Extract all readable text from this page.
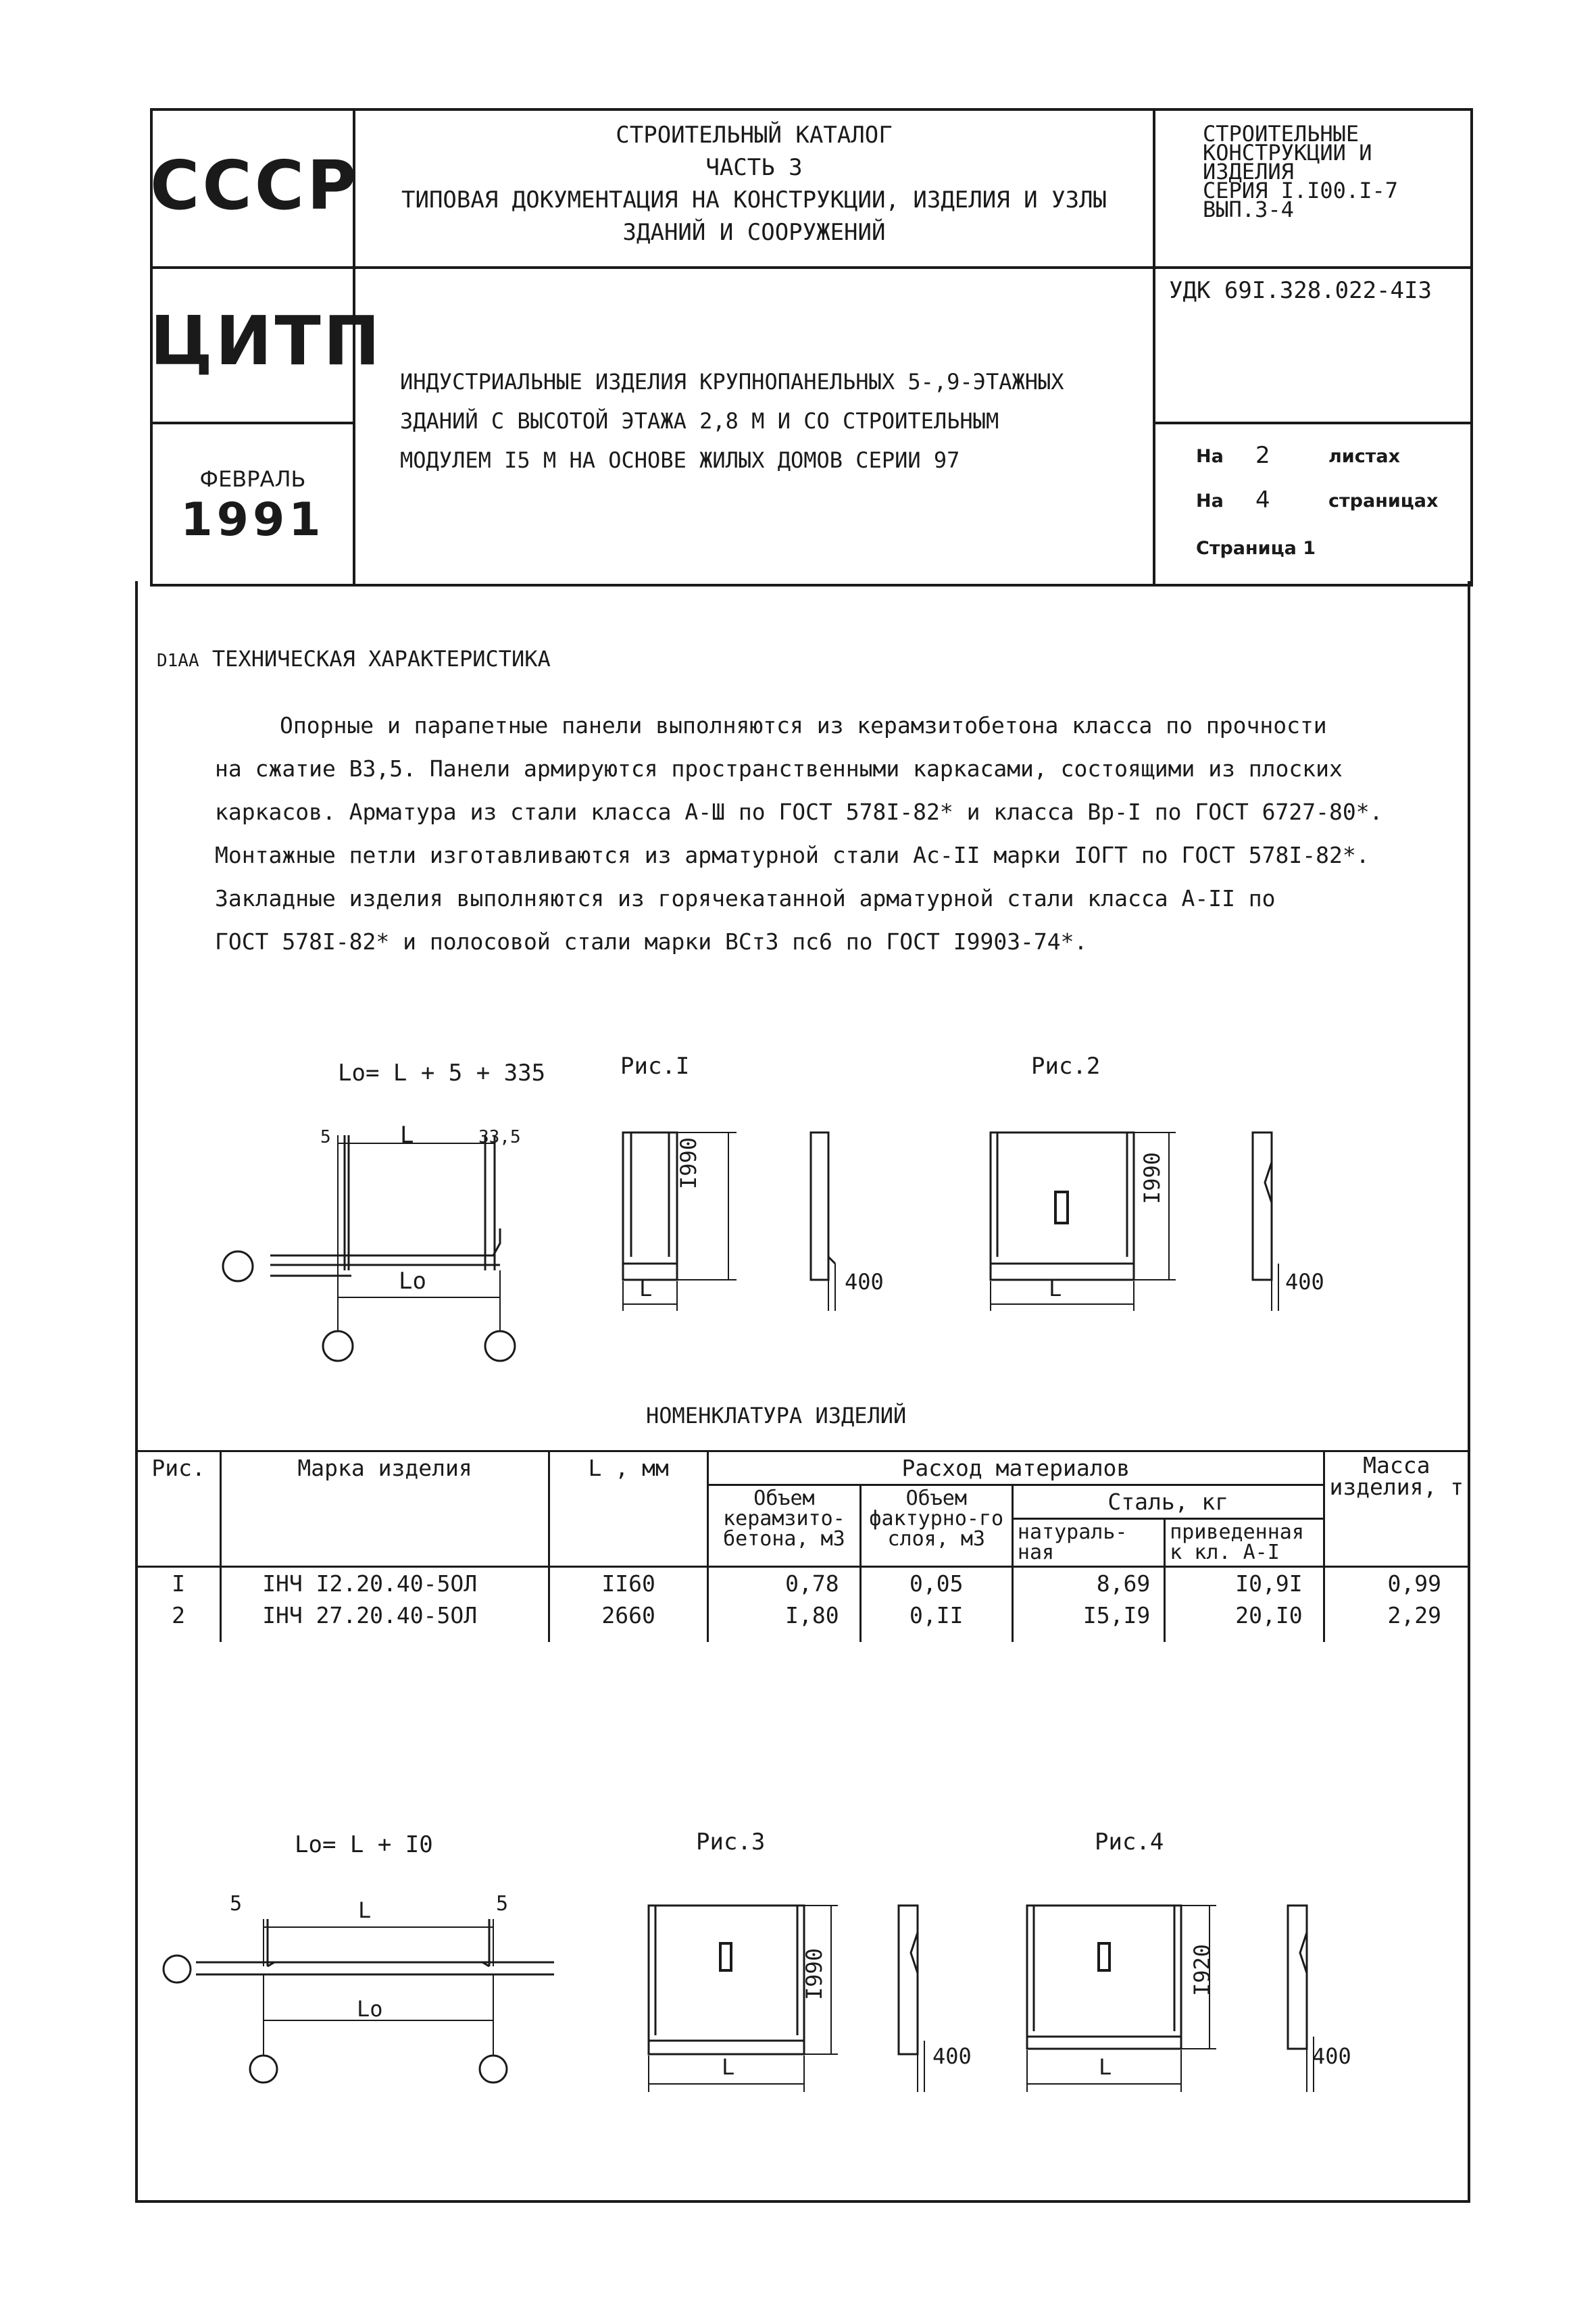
СССР
ЦИТП
ФЕВРАЛЬ
1991
СТРОИТЕЛЬНЫЙ КАТАЛОГ
ЧАСТЬ 3
ТИПОВАЯ ДОКУМЕНТАЦИЯ НА КОНСТРУКЦИИ, ИЗДЕЛИЯ И УЗЛЫ
ЗДАНИЙ И СООРУЖЕНИЙ
СТРОИТЕЛЬНЫЕ
КОНСТРУКЦИИ И
ИЗДЕЛИЯ
СЕРИЯ I.I00.I-7
ВЫП.3-4
УДК 69I.328.022-4I3
ИНДУСТРИАЛЬНЫЕ ИЗДЕЛИЯ КРУПНОПАНЕЛЬНЫХ 5-,9-ЭТАЖНЫХ
ЗДАНИЙ С ВЫСОТОЙ ЭТАЖА 2,8 М И СО СТРОИТЕЛЬНЫМ
МОДУЛЕМ I5 М НА ОСНОВЕ ЖИЛЫХ ДОМОВ СЕРИИ 97	На 2	листах
На 4	страницах
Страница 1
D1AA ТЕХНИЧЕСКАЯ ХАРАКТЕРИСТИКА
Опорные и парапетные панели выполняются из керамзитобетона класса по прочности
на сжатие В3,5. Панели армируются пространственными каркасами, состоящими из плоских
каркасов. Арматура из стали класса А-Ш по ГОСТ 578I-82* и класса Вр-I по ГОСТ 6727-80*.
Монтажные петли изготавливаются из арматурной стали Ас-II марки IОГТ по ГОСТ 578I-82*.
Закладные изделия выполняются из горячекатанной арматурной стали класса А-II по
ГОСТ 578I-82* и полосовой стали марки ВСт3 пс6 по ГОСТ I9903-74*.
Lo= L + 5 + 335	Рис.I	Рис.2
5	L	33,5
Lo
I990
L	400
I990
L	400
НОМЕНКЛАТУРА ИЗДЕЛИЙ
Рис.	Марка изделия	L , мм	Расход материалов				Масса изделия, т
			Объем керамзито-бетона, м3	Объем фактурно-го слоя, м3	Сталь, кг		
					натураль-ная	приведенная к кл. А-I	
I	IНЧ I2.20.40-5ОЛ	II60	0,78	0,05	8,69	I0,9I	0,99
2	IНЧ 27.20.40-5ОЛ	2660	I,80	0,II	I5,I9	20,I0	2,29
Lo= L + I0	Рис.3	Рис.4
5	L	5
Lo
I990
L	400
I920
L	400
